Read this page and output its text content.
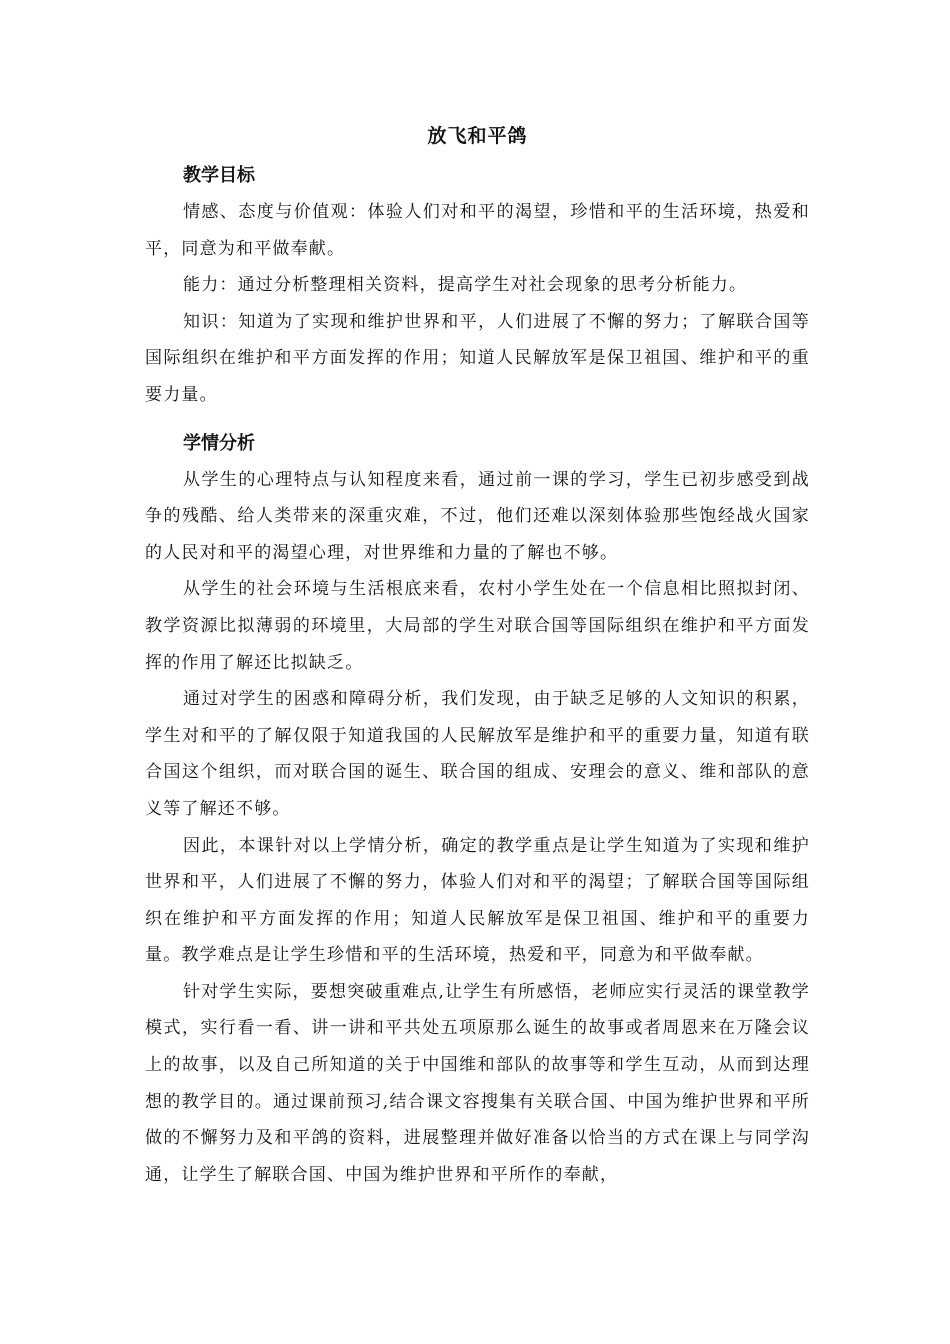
放飞和平鸽
教学目标

情感、态度与价值观：体验人们对和平的渴望，珍惜和平的生活环境，热爱和平，同意为和平做奉献。

能力：通过分析整理相关资料，提高学生对社会现象的思考分析能力。

知识：知道为了实现和维护世界和平，人们进展了不懈的努力；了解联合国等国际组织在维护和平方面发挥的作用；知道人民解放军是保卫祖国、维护和平的重要力量。

学情分析

从学生的心理特点与认知程度来看，通过前一课的学习，学生已初步感受到战争的残酷、给人类带来的深重灾难，不过，他们还难以深刻体验那些饱经战火国家的人民对和平的渴望心理，对世界维和力量的了解也不够。

从学生的社会环境与生活根底来看，农村小学生处在一个信息相比照拟封闭、教学资源比拟薄弱的环境里，大局部的学生对联合国等国际组织在维护和平方面发挥的作用了解还比拟缺乏。

通过对学生的困惑和障碍分析，我们发现，由于缺乏足够的人文知识的积累，学生对和平的了解仅限于知道我国的人民解放军是维护和平的重要力量，知道有联合国这个组织，而对联合国的诞生、联合国的组成、安理会的意义、维和部队的意义等了解还不够。

因此，本课针对以上学情分析，确定的教学重点是让学生知道为了实现和维护世界和平，人们进展了不懈的努力，体验人们对和平的渴望；了解联合国等国际组织在维护和平方面发挥的作用；知道人民解放军是保卫祖国、维护和平的重要力量。教学难点是让学生珍惜和平的生活环境，热爱和平，同意为和平做奉献。

针对学生实际，要想突破重难点,让学生有所感悟，老师应实行灵活的课堂教学模式，实行看一看、讲一讲和平共处五项原那么诞生的故事或者周恩来在万隆会议上的故事，以及自己所知道的关于中国维和部队的故事等和学生互动，从而到达理想的教学目的。通过课前预习,结合课文容搜集有关联合国、中国为维护世界和平所做的不懈努力及和平鸽的资料，进展整理并做好准备以恰当的方式在课上与同学沟通，让学生了解联合国、中国为维护世界和平所作的奉献，
